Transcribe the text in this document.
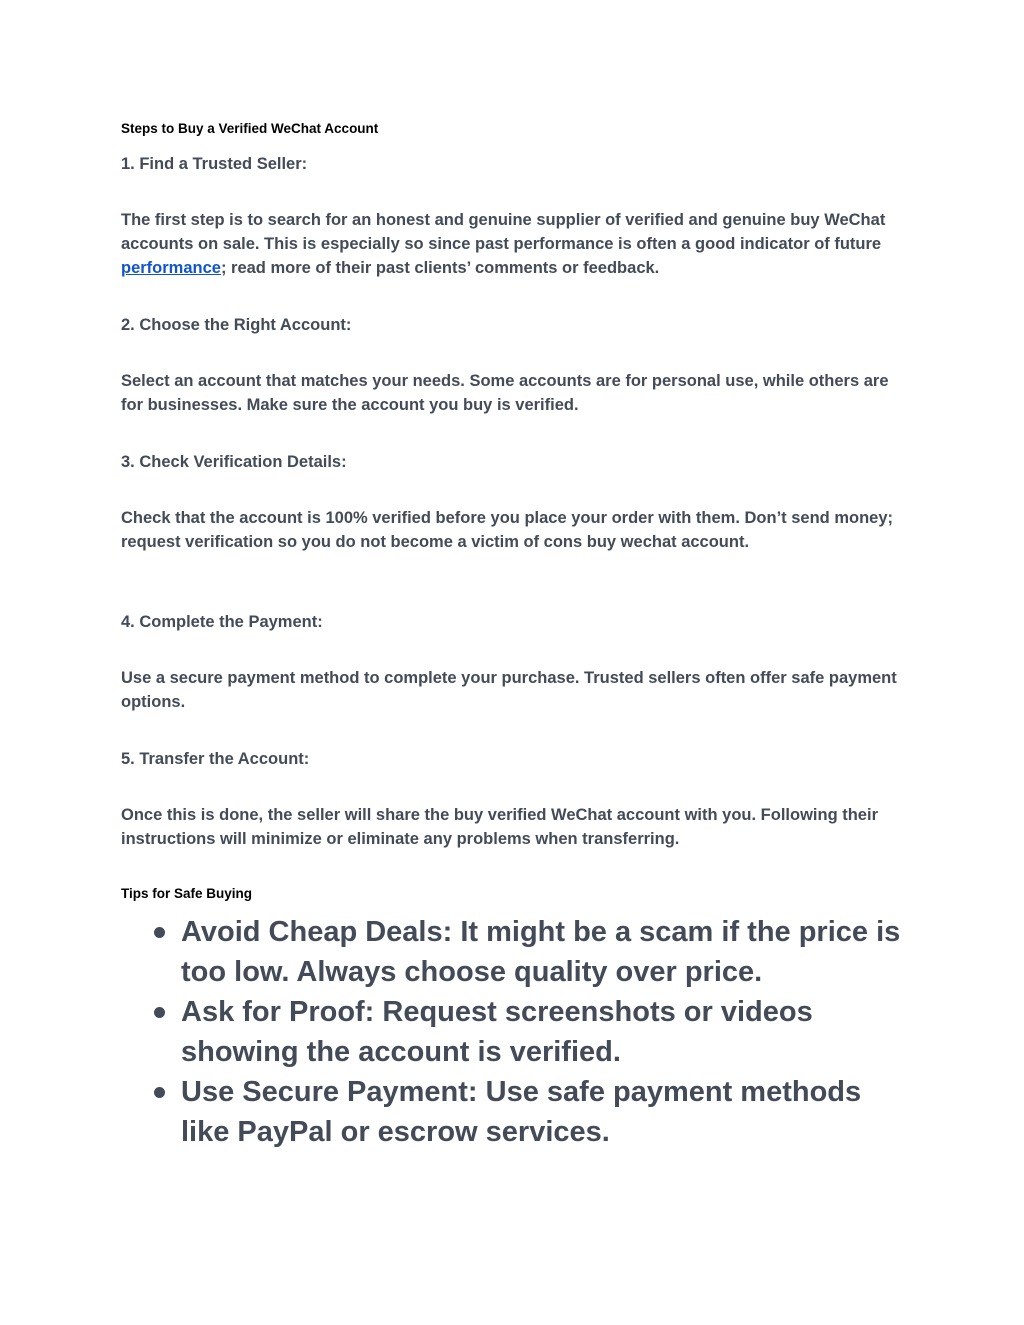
Steps to Buy a Verified WeChat Account

1. Find a Trusted Seller:

The first step is to search for an honest and genuine supplier of verified and genuine buy WeChat accounts on sale. This is especially so since past performance is often a good indicator of future performance; read more of their past clients’ comments or feedback.

2. Choose the Right Account:

Select an account that matches your needs. Some accounts are for personal use, while others are for businesses. Make sure the account you buy is verified.

3. Check Verification Details:

Check that the account is 100% verified before you place your order with them. Don’t send money; request verification so you do not become a victim of cons buy wechat account.

4. Complete the Payment:

Use a secure payment method to complete your purchase. Trusted sellers often offer safe payment options.

5. Transfer the Account:

Once this is done, the seller will share the buy verified WeChat account with you. Following their instructions will minimize or eliminate any problems when transferring.

Tips for Safe Buying
Avoid Cheap Deals: It might be a scam if the price is too low. Always choose quality over price.
Ask for Proof: Request screenshots or videos showing the account is verified.
Use Secure Payment: Use safe payment methods like PayPal or escrow services.
